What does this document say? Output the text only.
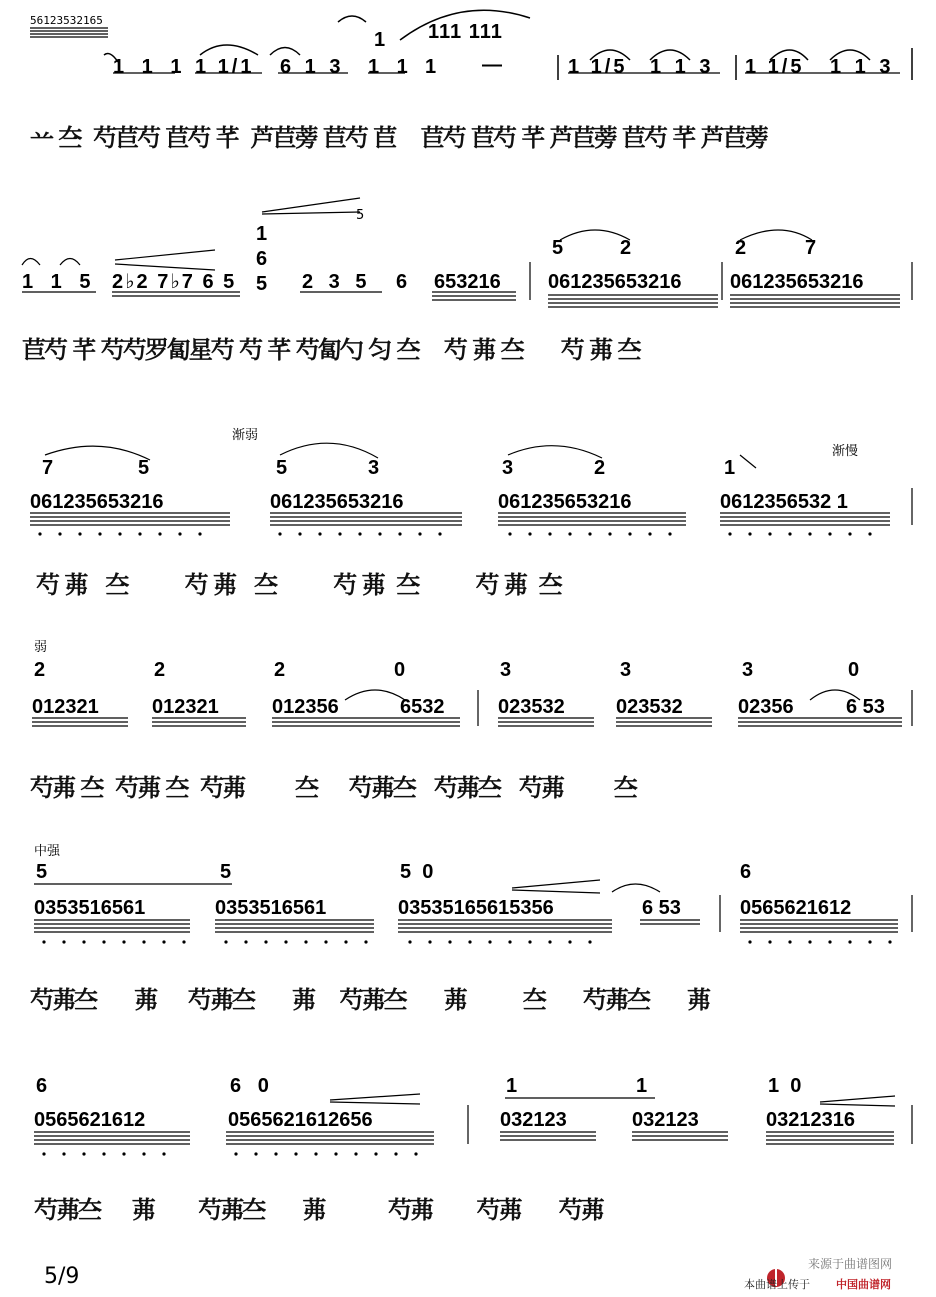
56123532165
1 111 111
1 1 1 1 1/1 6 1 3 1 1 1 —	1 1/5 1 1 3 1 1/5 1 1 3
䒑 夳  芍苣芍 苣芍 芊  芦苣蒡 苣芍 苣    苣芍 苣芍 芊 芦苣蒡 苣芍 芊 芦苣蒡
1 1 5 2♭2 7♭7 6 5
1
6
5 2 3 5 6 653216
5
5	2	2	7
061235653216 061235653216
苣芍 芊 芍芍罗匐星芍 芍 芊 芍匐勺 匀 夳    芍 茀 夳      芍 茀 夳
渐弱
渐慢
7	5	5	3	3	2	1
061235653216	061235653216	061235653216	0612356532 1
芍 茀   夳         芍 茀   夳         芍 茀  夳         芍 茀  夳
弱
2	2	2	0	3	3	3	0
012321	012321	012356	6532	023532	023532	02356	6 53
芍茀 夳  芍茀 夳  芍茀        夳     芍茀夳   芍茀夳   芍茀        夳
中强
5	5	5  0	6
0353516561	0353516561	03535165615356	6 53	0565621612
芍茀夳      茀     芍茀夳      茀    芍茀夳      茀         夳      芍茀夳      茀
6	6   0	1	1	1  0
0565621612	0565621612656	032123	032123	03212316
芍茀夳     茀       芍茀夳      茀          芍茀       芍茀      芍茀
5/9	来源于曲谱图网
本曲谱上传于 中国曲谱网
